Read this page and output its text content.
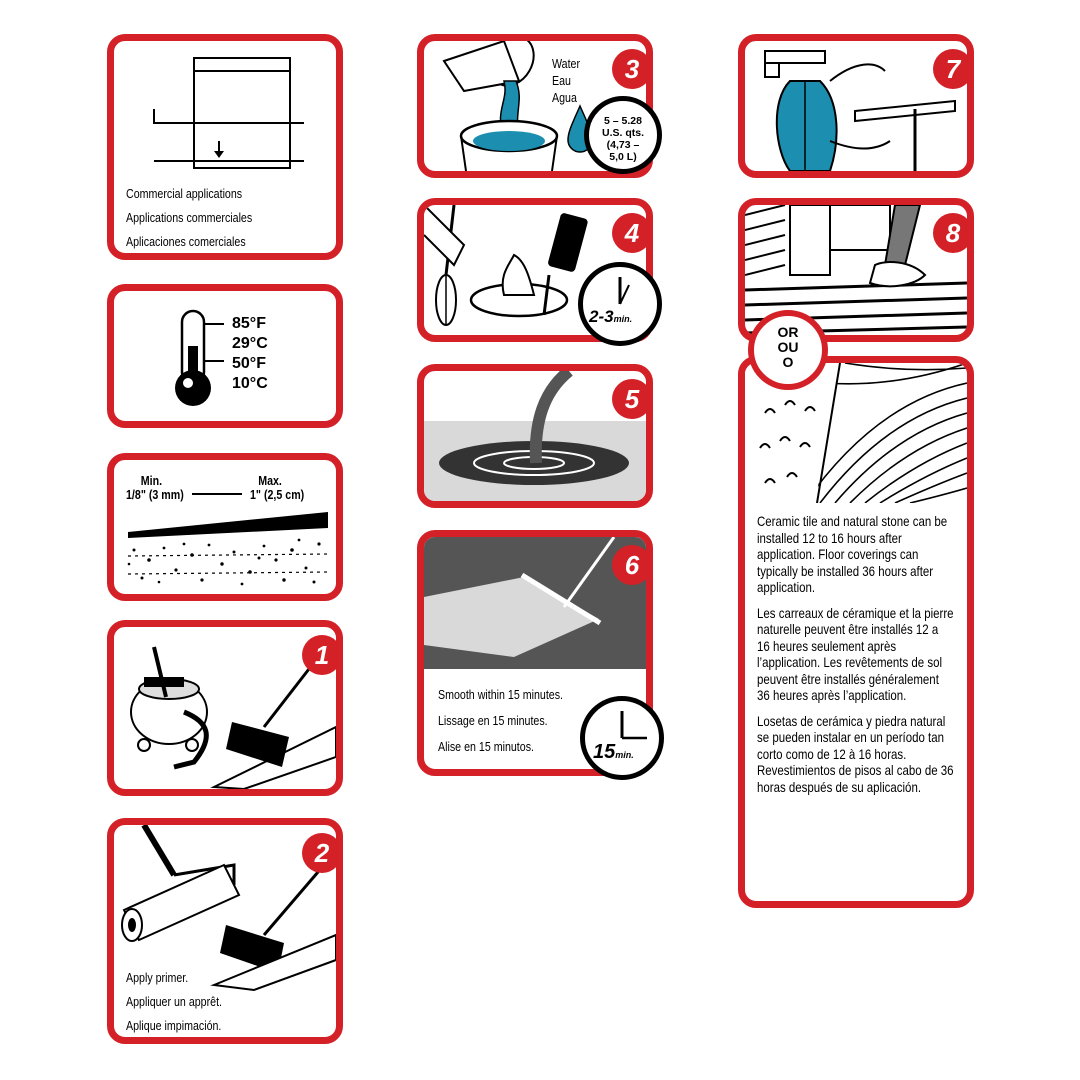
Commercial applications
Applications commerciales
Aplicaciones comerciales
85°F
29°C
50°F
10°C
Min.
1/8" (3 mm)
Max.
1" (2,5 cm)
1
2
Apply primer.
Appliquer un apprêt.
Aplique impimación.
Water
Eau
Agua
3
5 – 5.28
U.S. qts.
(4,73 –
5,0 L)
4
2-3min.
5
6
Smooth within 15 minutes.
Lissage en 15 minutes.
Alise en 15 minutos.	15min.
7
8

Ceramic tile and natural stone can be installed 12 to 16 hours after application. Floor coverings can typically be installed 36 hours after application.

Les carreaux de céramique et la pierre naturelle peuvent être installés 12 a 16 heures seulement après l’application. Les revêtements de sol peuvent être installés généralement 36 heures après l’application.

Losetas de cerámica y piedra natural se pueden instalar en un período tan corto como de 12 à 16 horas. Revestimientos de pisos al cabo de 36 horas después de su aplicación.

OR
OU
O
